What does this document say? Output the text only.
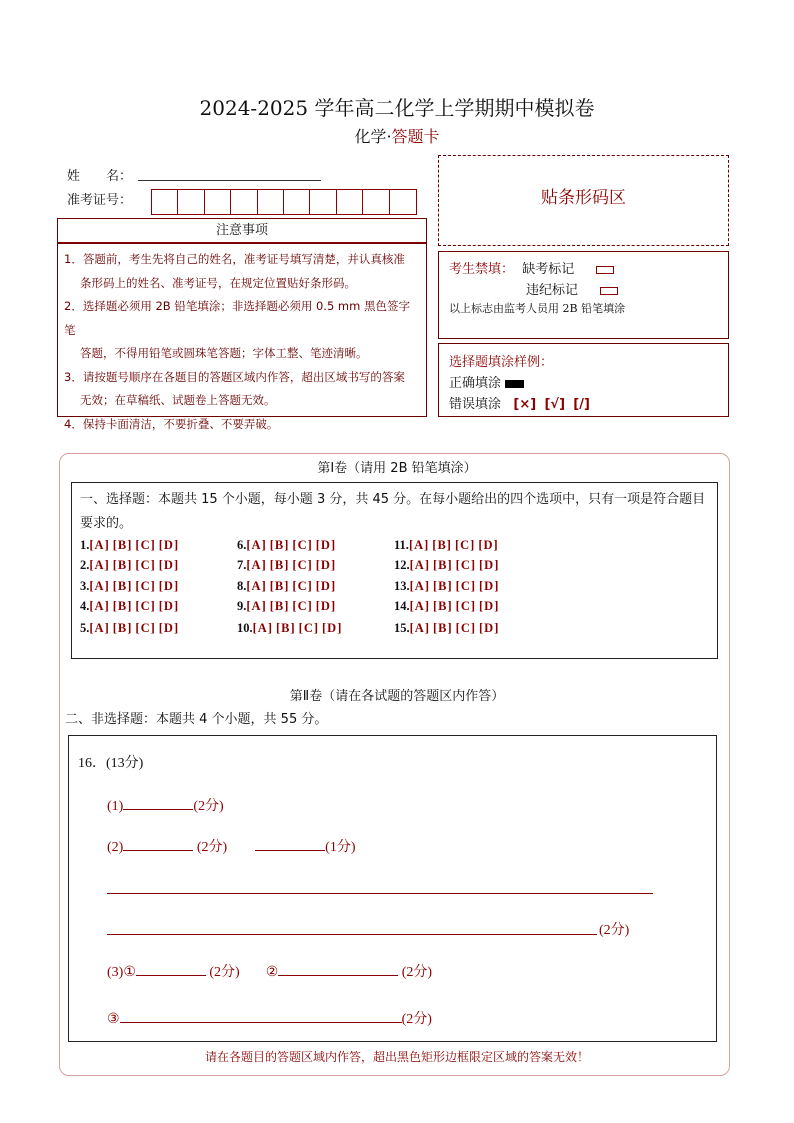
2024-2025 学年高二化学上学期期中模拟卷
化学·答题卡
姓　　名：
准考证号：
注意事项
1．答题前，考生先将自己的姓名，准考证号填写清楚，并认真核准
条形码上的姓名、准考证号，在规定位置贴好条形码。
2．选择题必须用 2B 铅笔填涂；非选择题必须用 0.5 mm 黑色签字笔
答题，不得用铅笔或圆珠笔答题；字体工整、笔迹清晰。
3．请按题号顺序在各题目的答题区域内作答，超出区域书写的答案
无效；在草稿纸、试题卷上答题无效。
4．保持卡面清洁，不要折叠、不要弄破。
贴条形码区
考生禁填： 缺考标记
违纪标记
以上标志由监考人员用 2B 铅笔填涂
选择题填涂样例：
正确填涂
错误填涂 [×] [√] [/]
第Ⅰ卷（请用 2B 铅笔填涂）
一、选择题：本题共 15 个小题，每小题 3 分，共 45 分。在每小题给出的四个选项中，只有一项是符合题目要求的。
1.[A] [B] [C] [D]
2.[A] [B] [C] [D]
3.[A] [B] [C] [D]
4.[A] [B] [C] [D]
5.[A] [B] [C] [D]
6.[A] [B] [C] [D]
7.[A] [B] [C] [D]
8.[A] [B] [C] [D]
9.[A] [B] [C] [D]
10.[A] [B] [C] [D]
11.[A] [B] [C] [D]
12.[A] [B] [C] [D]
13.[A] [B] [C] [D]
14.[A] [B] [C] [D]
15.[A] [B] [C] [D]
第Ⅱ卷（请在各试题的答题区内作答）
二、非选择题：本题共 4 个小题，共 55 分。
16．(13分)
(1)	(2分)
(2)	(2分)	(1分)
(2分)
(3)①	(2分) ②	(2分)
③	(2分)
请在各题目的答题区域内作答，超出黑色矩形边框限定区域的答案无效！
